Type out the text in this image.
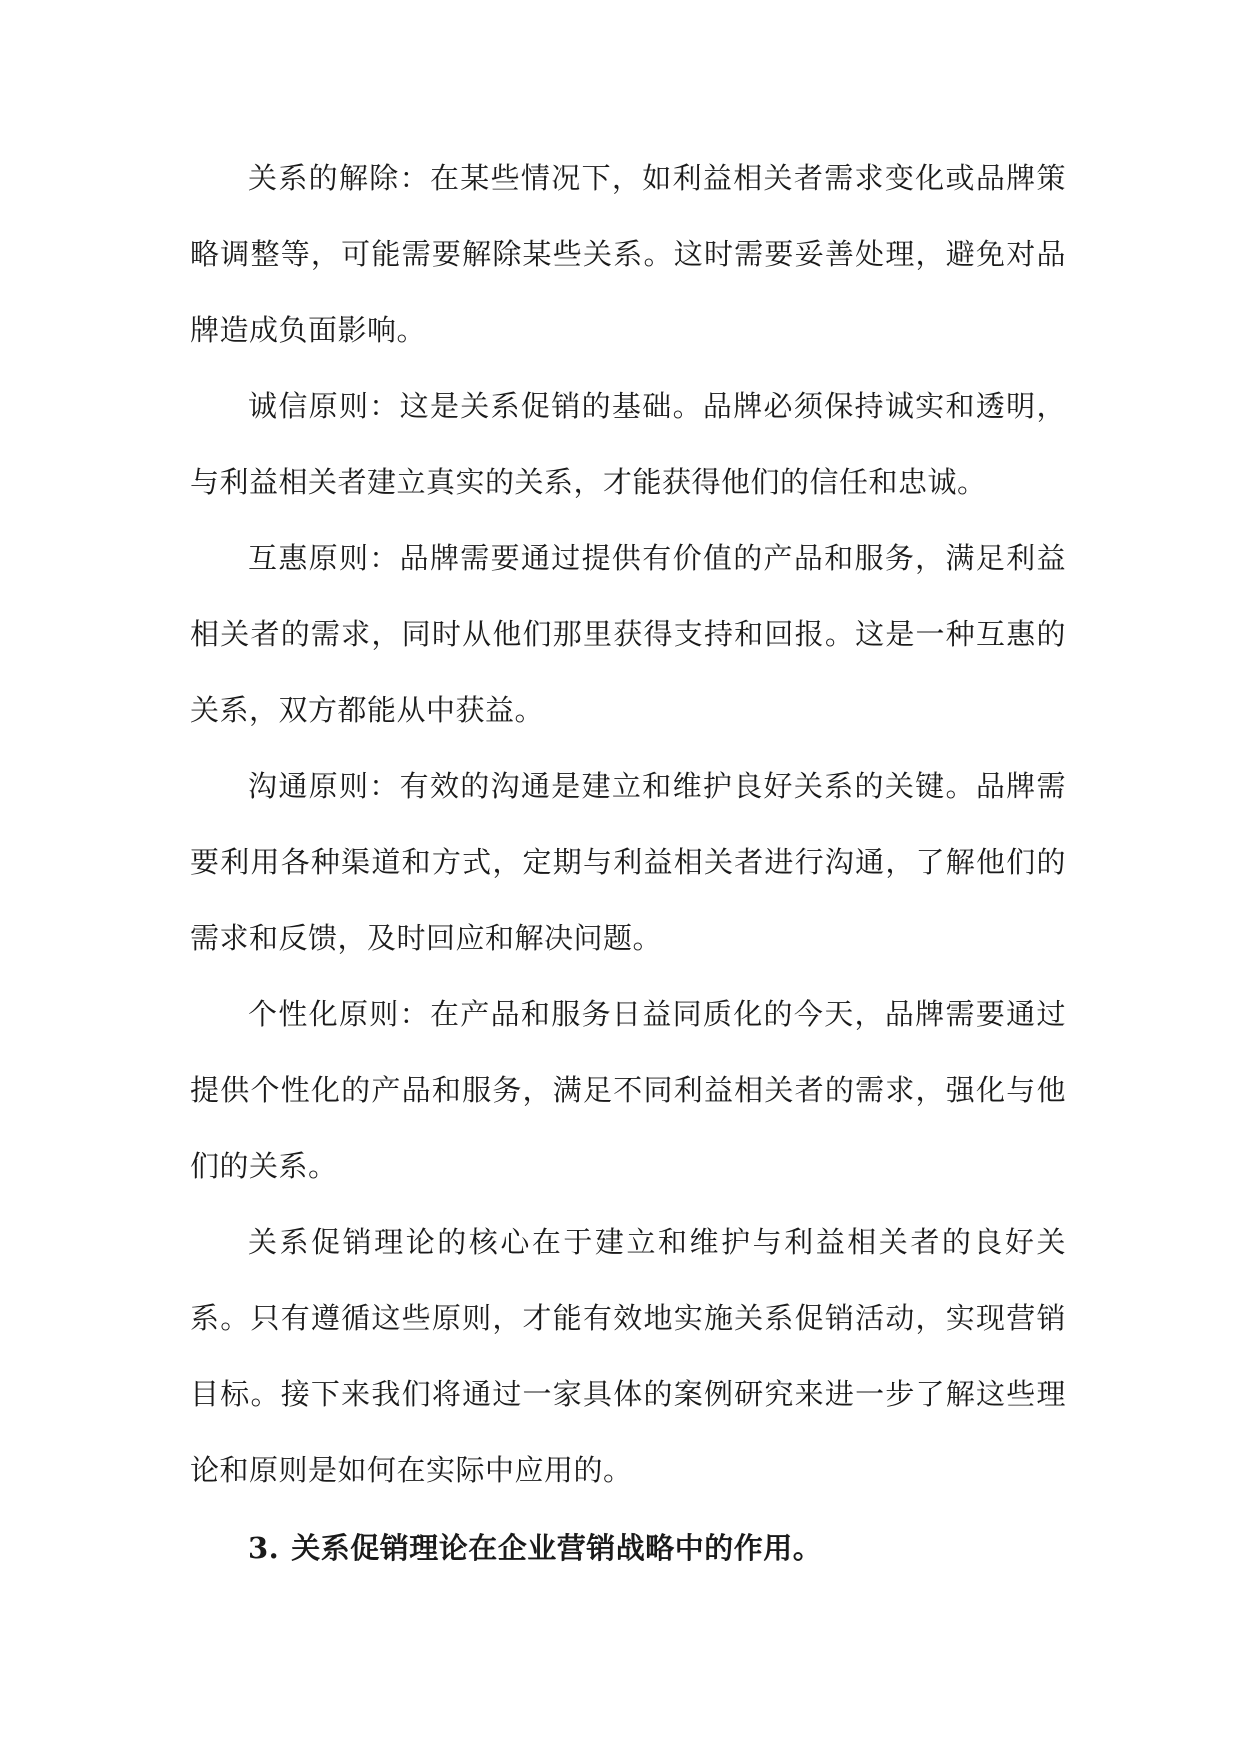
关系的解除：在某些情况下，如利益相关者需求变化或品牌策略调整等，可能需要解除某些关系。这时需要妥善处理，避免对品牌造成负面影响。

诚信原则：这是关系促销的基础。品牌必须保持诚实和透明，与利益相关者建立真实的关系，才能获得他们的信任和忠诚。

互惠原则：品牌需要通过提供有价值的产品和服务，满足利益相关者的需求，同时从他们那里获得支持和回报。这是一种互惠的关系，双方都能从中获益。

沟通原则：有效的沟通是建立和维护良好关系的关键。品牌需要利用各种渠道和方式，定期与利益相关者进行沟通，了解他们的需求和反馈，及时回应和解决问题。

个性化原则：在产品和服务日益同质化的今天，品牌需要通过提供个性化的产品和服务，满足不同利益相关者的需求，强化与他们的关系。

关系促销理论的核心在于建立和维护与利益相关者的良好关系。只有遵循这些原则，才能有效地实施关系促销活动，实现营销目标。接下来我们将通过一家具体的案例研究来进一步了解这些理论和原则是如何在实际中应用的。

3. 关系促销理论在企业营销战略中的作用。
